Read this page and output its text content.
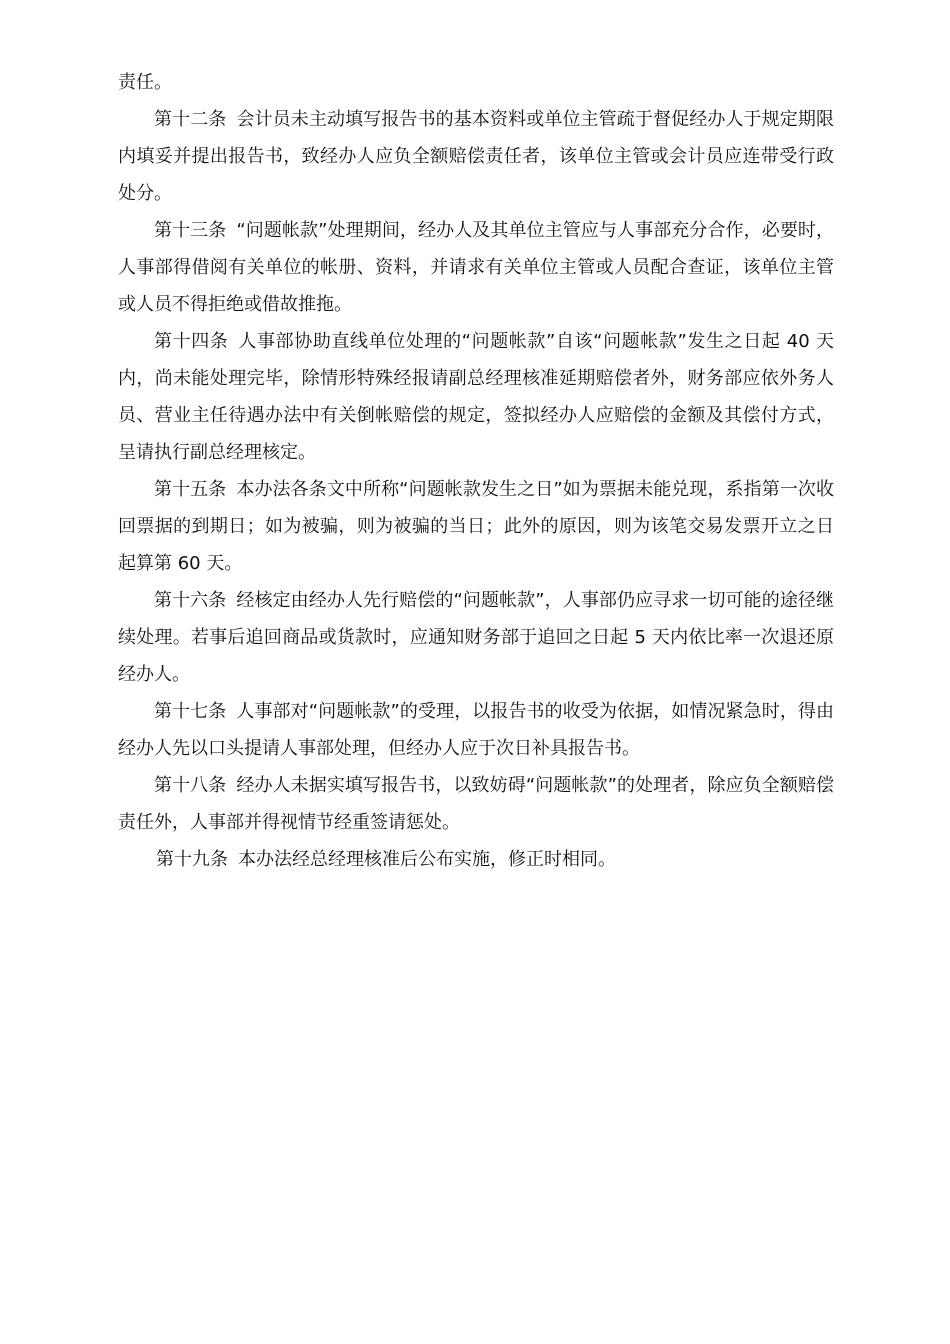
责任。

第十二条 会计员未主动填写报告书的基本资料或单位主管疏于督促经办人于规定期限内填妥并提出报告书，致经办人应负全额赔偿责任者，该单位主管或会计员应连带受行政处分。

第十三条 “问题帐款”处理期间，经办人及其单位主管应与人事部充分合作，必要时，人事部得借阅有关单位的帐册、资料，并请求有关单位主管或人员配合查证，该单位主管或人员不得拒绝或借故推拖。

第十四条 人事部协助直线单位处理的“问题帐款”自该“问题帐款”发生之日起 40 天内，尚未能处理完毕，除情形特殊经报请副总经理核准延期赔偿者外，财务部应依外务人员、营业主任待遇办法中有关倒帐赔偿的规定，签拟经办人应赔偿的金额及其偿付方式，呈请执行副总经理核定。

第十五条 本办法各条文中所称“问题帐款发生之日”如为票据未能兑现，系指第一次收回票据的到期日；如为被骗，则为被骗的当日；此外的原因，则为该笔交易发票开立之日起算第 60 天。

第十六条 经核定由经办人先行赔偿的“问题帐款”，人事部仍应寻求一切可能的途径继续处理。若事后追回商品或货款时，应通知财务部于追回之日起 5 天内依比率一次退还原经办人。

第十七条 人事部对“问题帐款”的受理，以报告书的收受为依据，如情况紧急时，得由经办人先以口头提请人事部处理，但经办人应于次日补具报告书。

第十八条 经办人未据实填写报告书，以致妨碍“问题帐款”的处理者，除应负全额赔偿责任外，人事部并得视情节经重签请惩处。

第十九条 本办法经总经理核准后公布实施，修正时相同。
